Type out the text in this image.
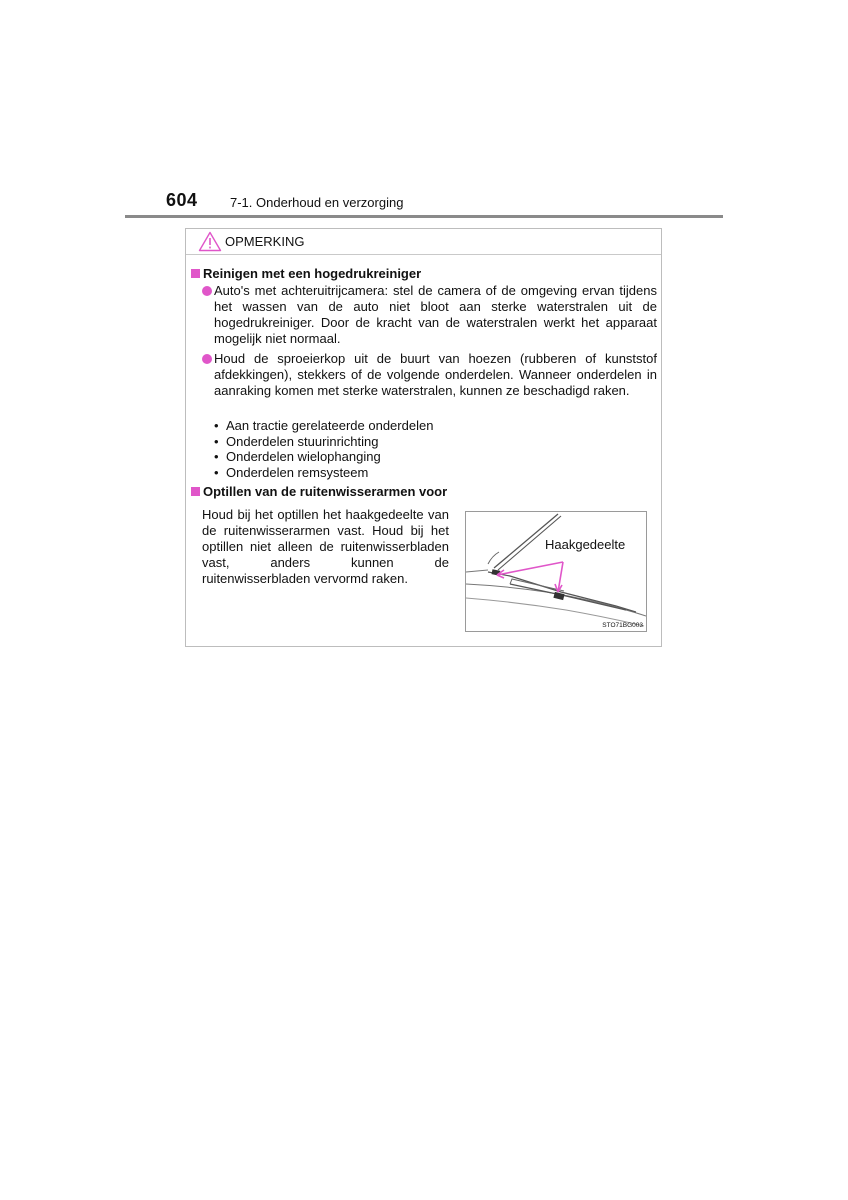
604 7-1. Onderhoud en verzorging
OPMERKING
Reinigen met een hogedrukreiniger
Auto's met achteruitrijcamera: stel de camera of de omgeving ervan tijdens het wassen van de auto niet bloot aan sterke waterstralen uit de hogedrukreiniger. Door de kracht van de waterstralen werkt het apparaat mogelijk niet normaal.
Houd de sproeierkop uit de buurt van hoezen (rubberen of kunststof afdekkingen), stekkers of de volgende onderdelen. Wanneer onderdelen in aanraking komen met sterke waterstralen, kunnen ze beschadigd raken.
• Aan tractie gerelateerde onderdelen
• Onderdelen stuurinrichting
• Onderdelen wielophanging
• Onderdelen remsysteem
Optillen van de ruitenwisserarmen voor
Houd bij het optillen het haakgedeelte van de ruitenwisserarmen vast. Houd bij het optillen niet alleen de ruitenwisserbladen vast, anders kunnen de ruitenwisserbladen vervormd raken.
Haakgedeelte
STO71BG003
